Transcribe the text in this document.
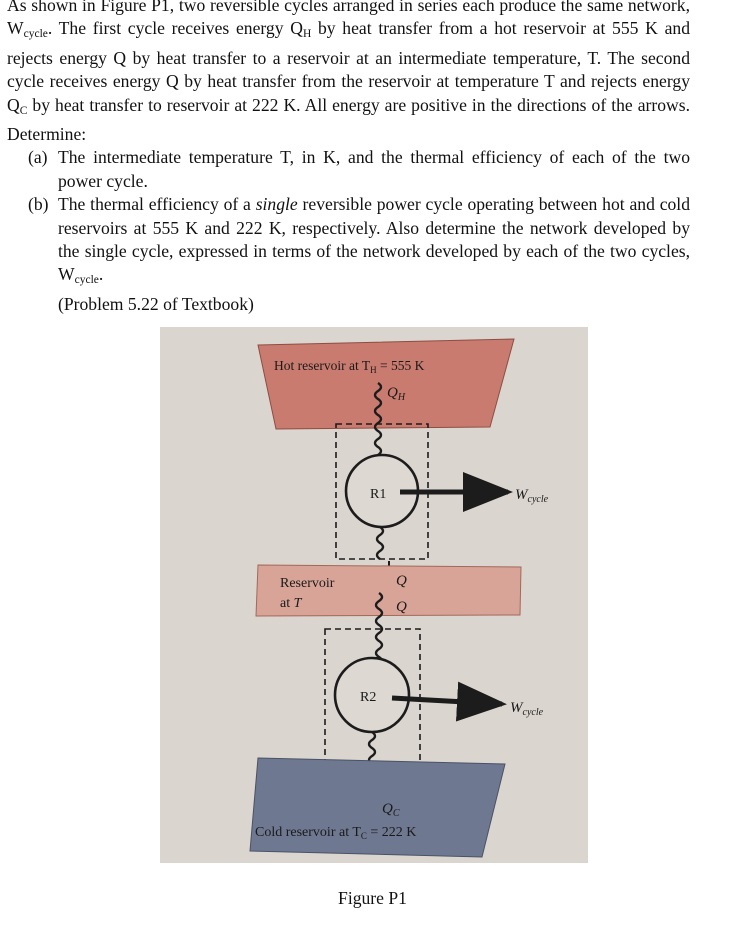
As shown in Figure P1, two reversible cycles arranged in series each produce the same network, $W_{cycle}$. The first cycle receives energy $Q_H$ by heat transfer from a hot reservoir at 555 K and rejects energy Q by heat transfer to a reservoir at an intermediate temperature, T. The second cycle receives energy Q by heat transfer from the reservoir at temperature T and rejects energy $Q_C$ by heat transfer to reservoir at 222 K. All energy are positive in the directions of the arrows. Determine:

(a) The intermediate temperature T, in K, and the thermal efficiency of each of the two power cycle.
(b) The thermal efficiency of a single reversible power cycle operating between hot and cold reservoirs at 555 K and 222 K, respectively. Also determine the network developed by the single cycle, expressed in terms of the network developed by each of the two cycles, $W_{cycle}$.

(Problem 5.22 of Textbook)

Hot reservoir at $T_H = 555$ K
$Q_H$
R1	$W_{cycle}$
Reservoir
at T
Q
Q
R2
$W_{cycle}$
$Q_C$
Cold reservoir at $T_C = 222$ K
Figure P1
